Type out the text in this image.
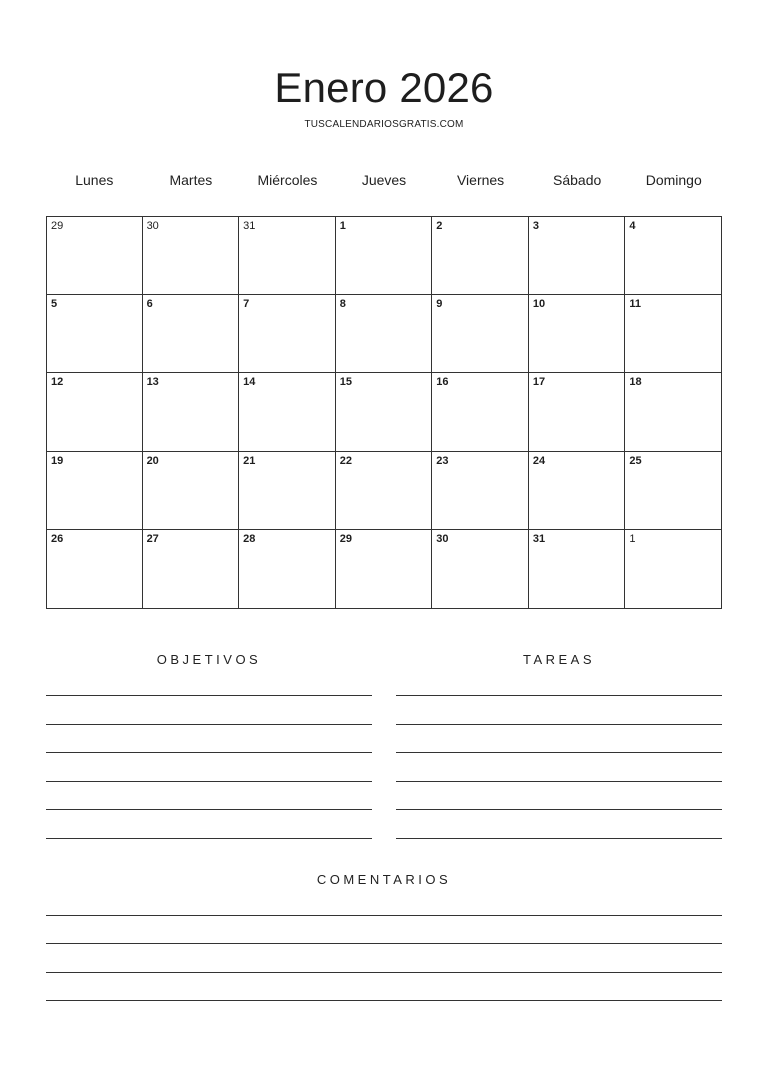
Enero 2026
TUSCALENDARIOSGRATIS.COM
Lunes	Martes	Miércoles	Jueves	Viernes	Sábado	Domingo
29	30	31	1	2	3	4
5	6	7	8	9	10	11
12	13	14	15	16	17	18
19	20	21	22	23	24	25
26	27	28	29	30	31	1
OBJETIVOS	TAREAS
COMENTARIOS
